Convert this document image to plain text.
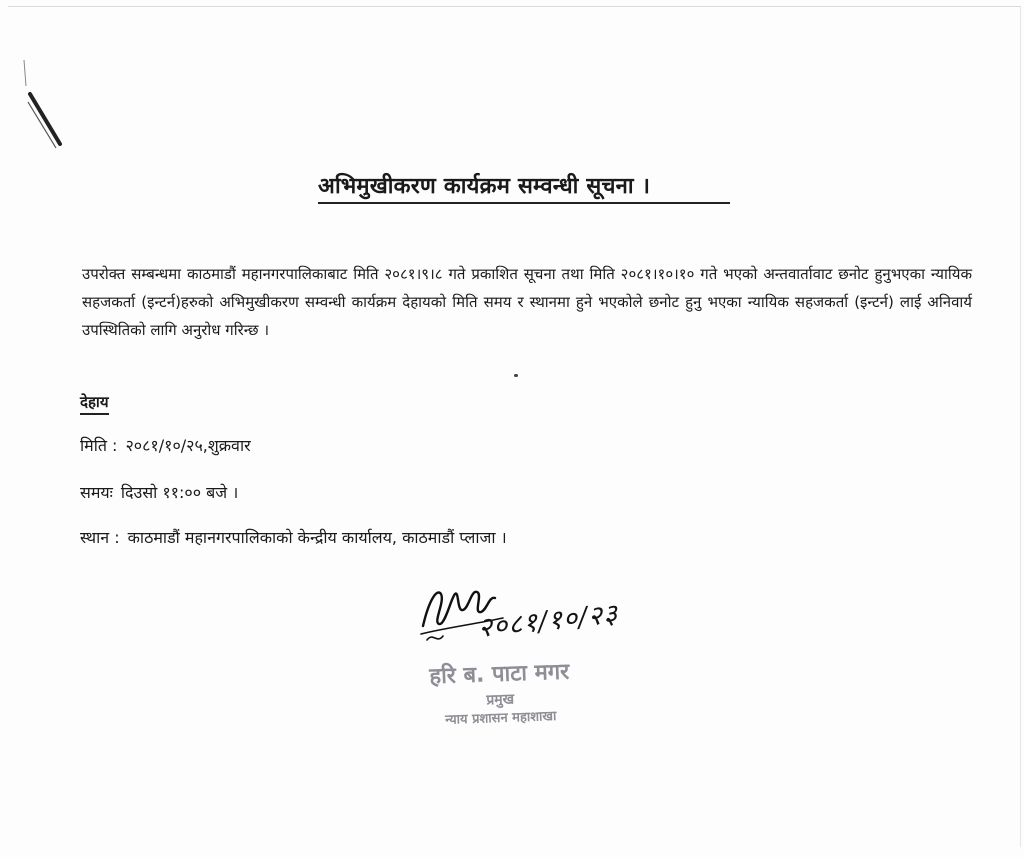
अभिमुखीकरण कार्यक्रम सम्वन्धी सूचना ।

उपरोक्त सम्बन्धमा काठमाडौं महानगरपालिकाबाट मिति २०८१।९।८ गते प्रकाशित सूचना तथा मिति २०८१।१०।१० गते भएको अन्तवार्तावाट छनोट हुनुभएका न्यायिक सहजकर्ता (इन्टर्न)हरुको अभिमुखीकरण सम्वन्धी कार्यक्रम देहायको मिति समय र स्थानमा हुने भएकोले छनोट हुनु भएका न्यायिक सहजकर्ता (इन्टर्न) लाई अनिवार्य उपस्थितिको लागि अनुरोध गरिन्छ ।

देहाय
मिति : २०८१/१०/२५,शुक्रवार
समयः दिउसो ११:०० बजे ।
स्थान : काठमाडौं महानगरपालिकाको केन्द्रीय कार्यालय, काठमाडौं प्लाजा ।
२०८१/१०/२३
हरि ब. पाटा मगर
प्रमुख
न्याय प्रशासन महाशाखा
